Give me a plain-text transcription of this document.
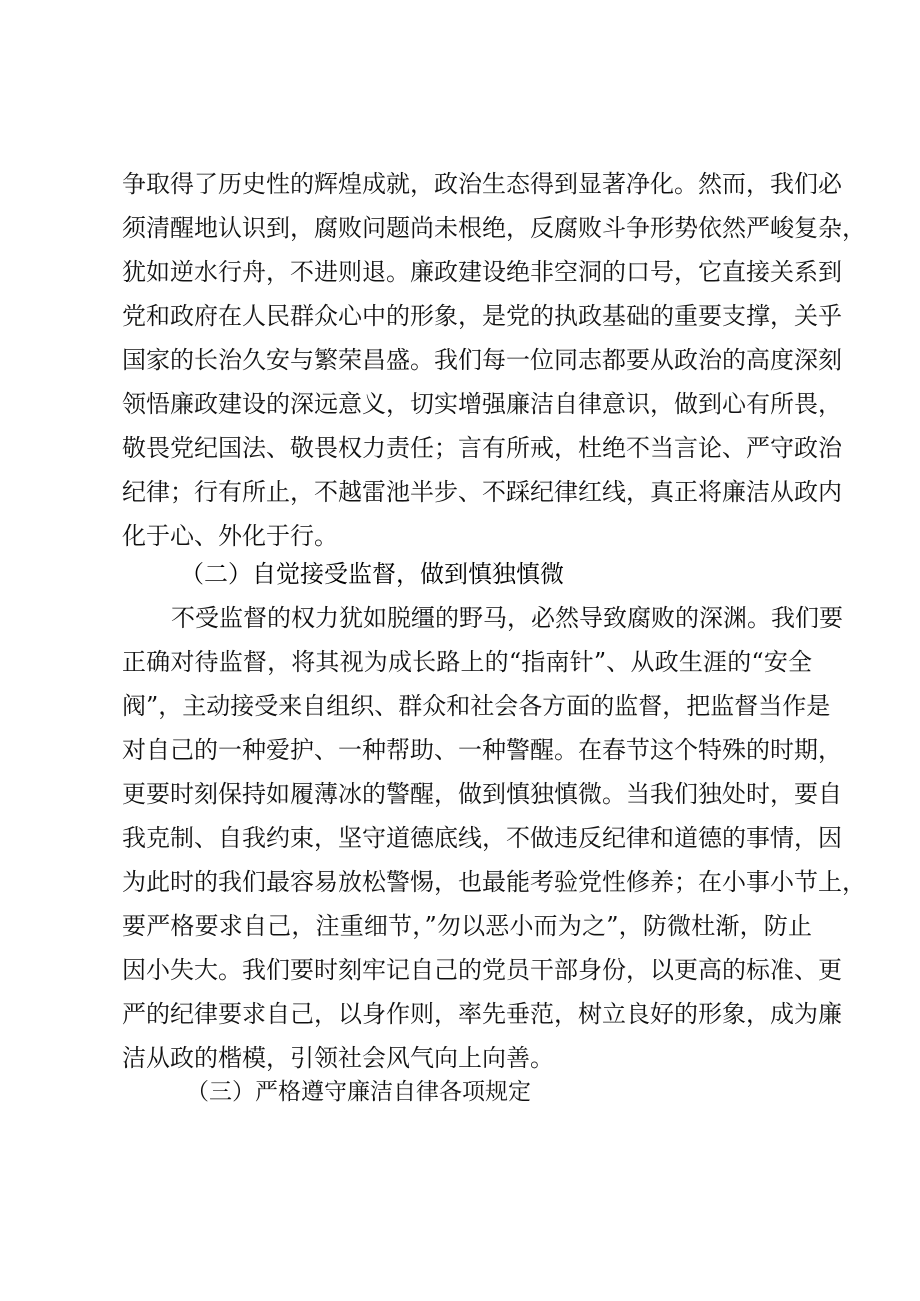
争取得了历史性的辉煌成就，政治生态得到显著净化。然而，我们必
须清醒地认识到，腐败问题尚未根绝，反腐败斗争形势依然严峻复杂，
犹如逆水行舟，不进则退。廉政建设绝非空洞的口号，它直接关系到
党和政府在人民群众心中的形象，是党的执政基础的重要支撑，关乎
国家的长治久安与繁荣昌盛。我们每一位同志都要从政治的高度深刻
领悟廉政建设的深远意义，切实增强廉洁自律意识，做到心有所畏，
敬畏党纪国法、敬畏权力责任；言有所戒，杜绝不当言论、严守政治
纪律；行有所止，不越雷池半步、不踩纪律红线，真正将廉洁从政内
化于心、外化于行。
（二）自觉接受监督，做到慎独慎微
不受监督的权力犹如脱缰的野马，必然导致腐败的深渊。我们要
正确对待监督，将其视为成长路上的“指南针”、从政生涯的“安全
阀”，主动接受来自组织、群众和社会各方面的监督，把监督当作是
对自己的一种爱护、一种帮助、一种警醒。在春节这个特殊的时期，
更要时刻保持如履薄冰的警醒，做到慎独慎微。当我们独处时，要自
我克制、自我约束，坚守道德底线，不做违反纪律和道德的事情，因
为此时的我们最容易放松警惕，也最能考验党性修养；在小事小节上，
要严格要求自己，注重细节，”勿以恶小而为之”，防微杜渐，防止
因小失大。我们要时刻牢记自己的党员干部身份，以更高的标准、更
严的纪律要求自己，以身作则，率先垂范，树立良好的形象，成为廉
洁从政的楷模，引领社会风气向上向善。
（三）严格遵守廉洁自律各项规定
